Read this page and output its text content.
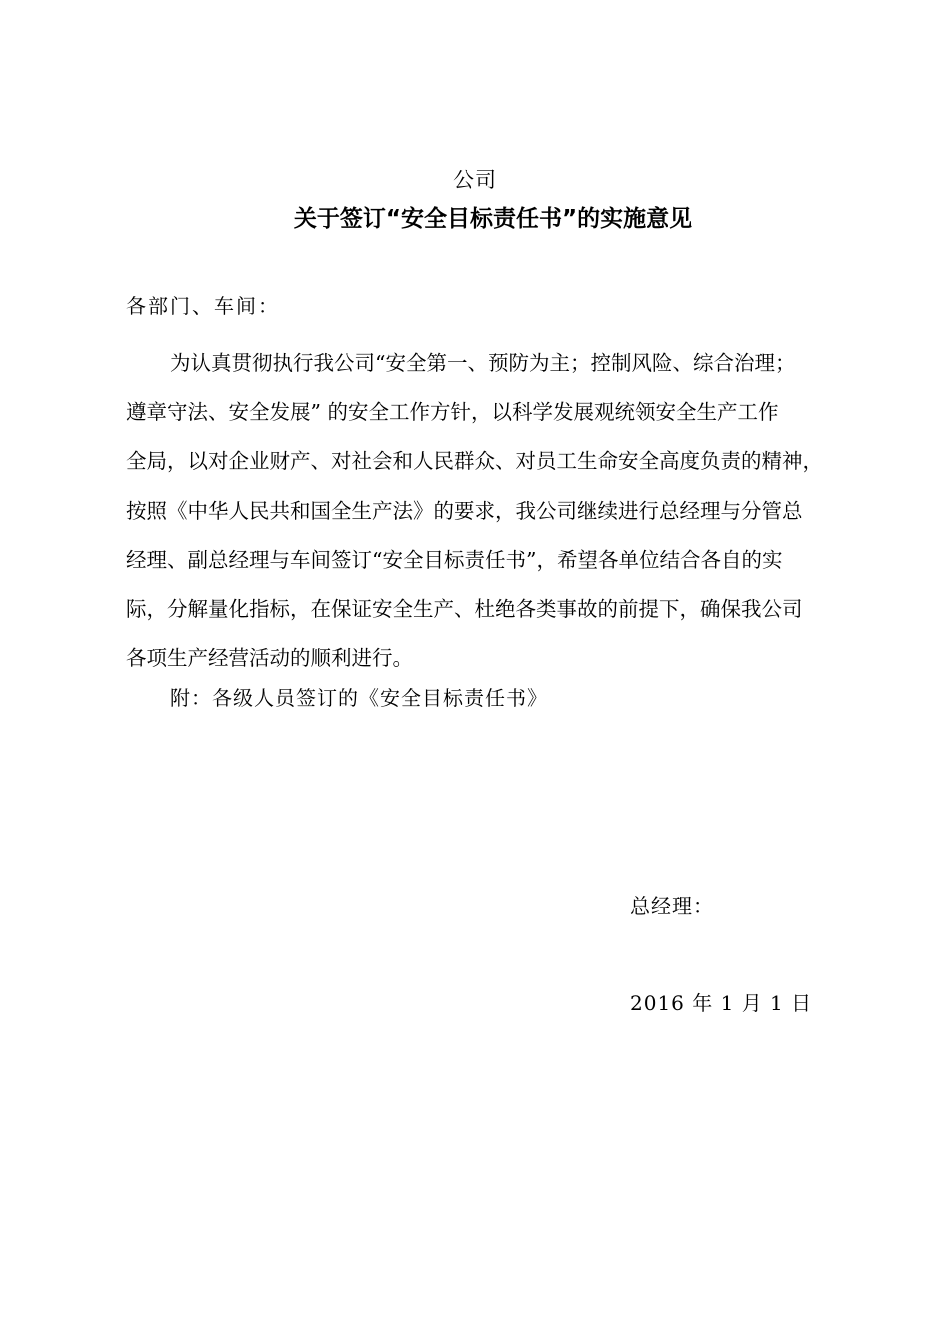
公司
关于签订“安全目标责任书”的实施意见
各部门、车间：
为认真贯彻执行我公司“安全第一、预防为主；控制风险、综合治理；
遵章守法、安全发展” 的安全工作方针，以科学发展观统领安全生产工作
全局，以对企业财产、对社会和人民群众、对员工生命安全高度负责的精神，
按照《中华人民共和国全生产法》的要求，我公司继续进行总经理与分管总
经理、副总经理与车间签订“安全目标责任书”，希望各单位结合各自的实
际，分解量化指标，在保证安全生产、杜绝各类事故的前提下，确保我公司
各项生产经营活动的顺利进行。
附：各级人员签订的《安全目标责任书》
总经理：
2016 年 1 月 1 日
